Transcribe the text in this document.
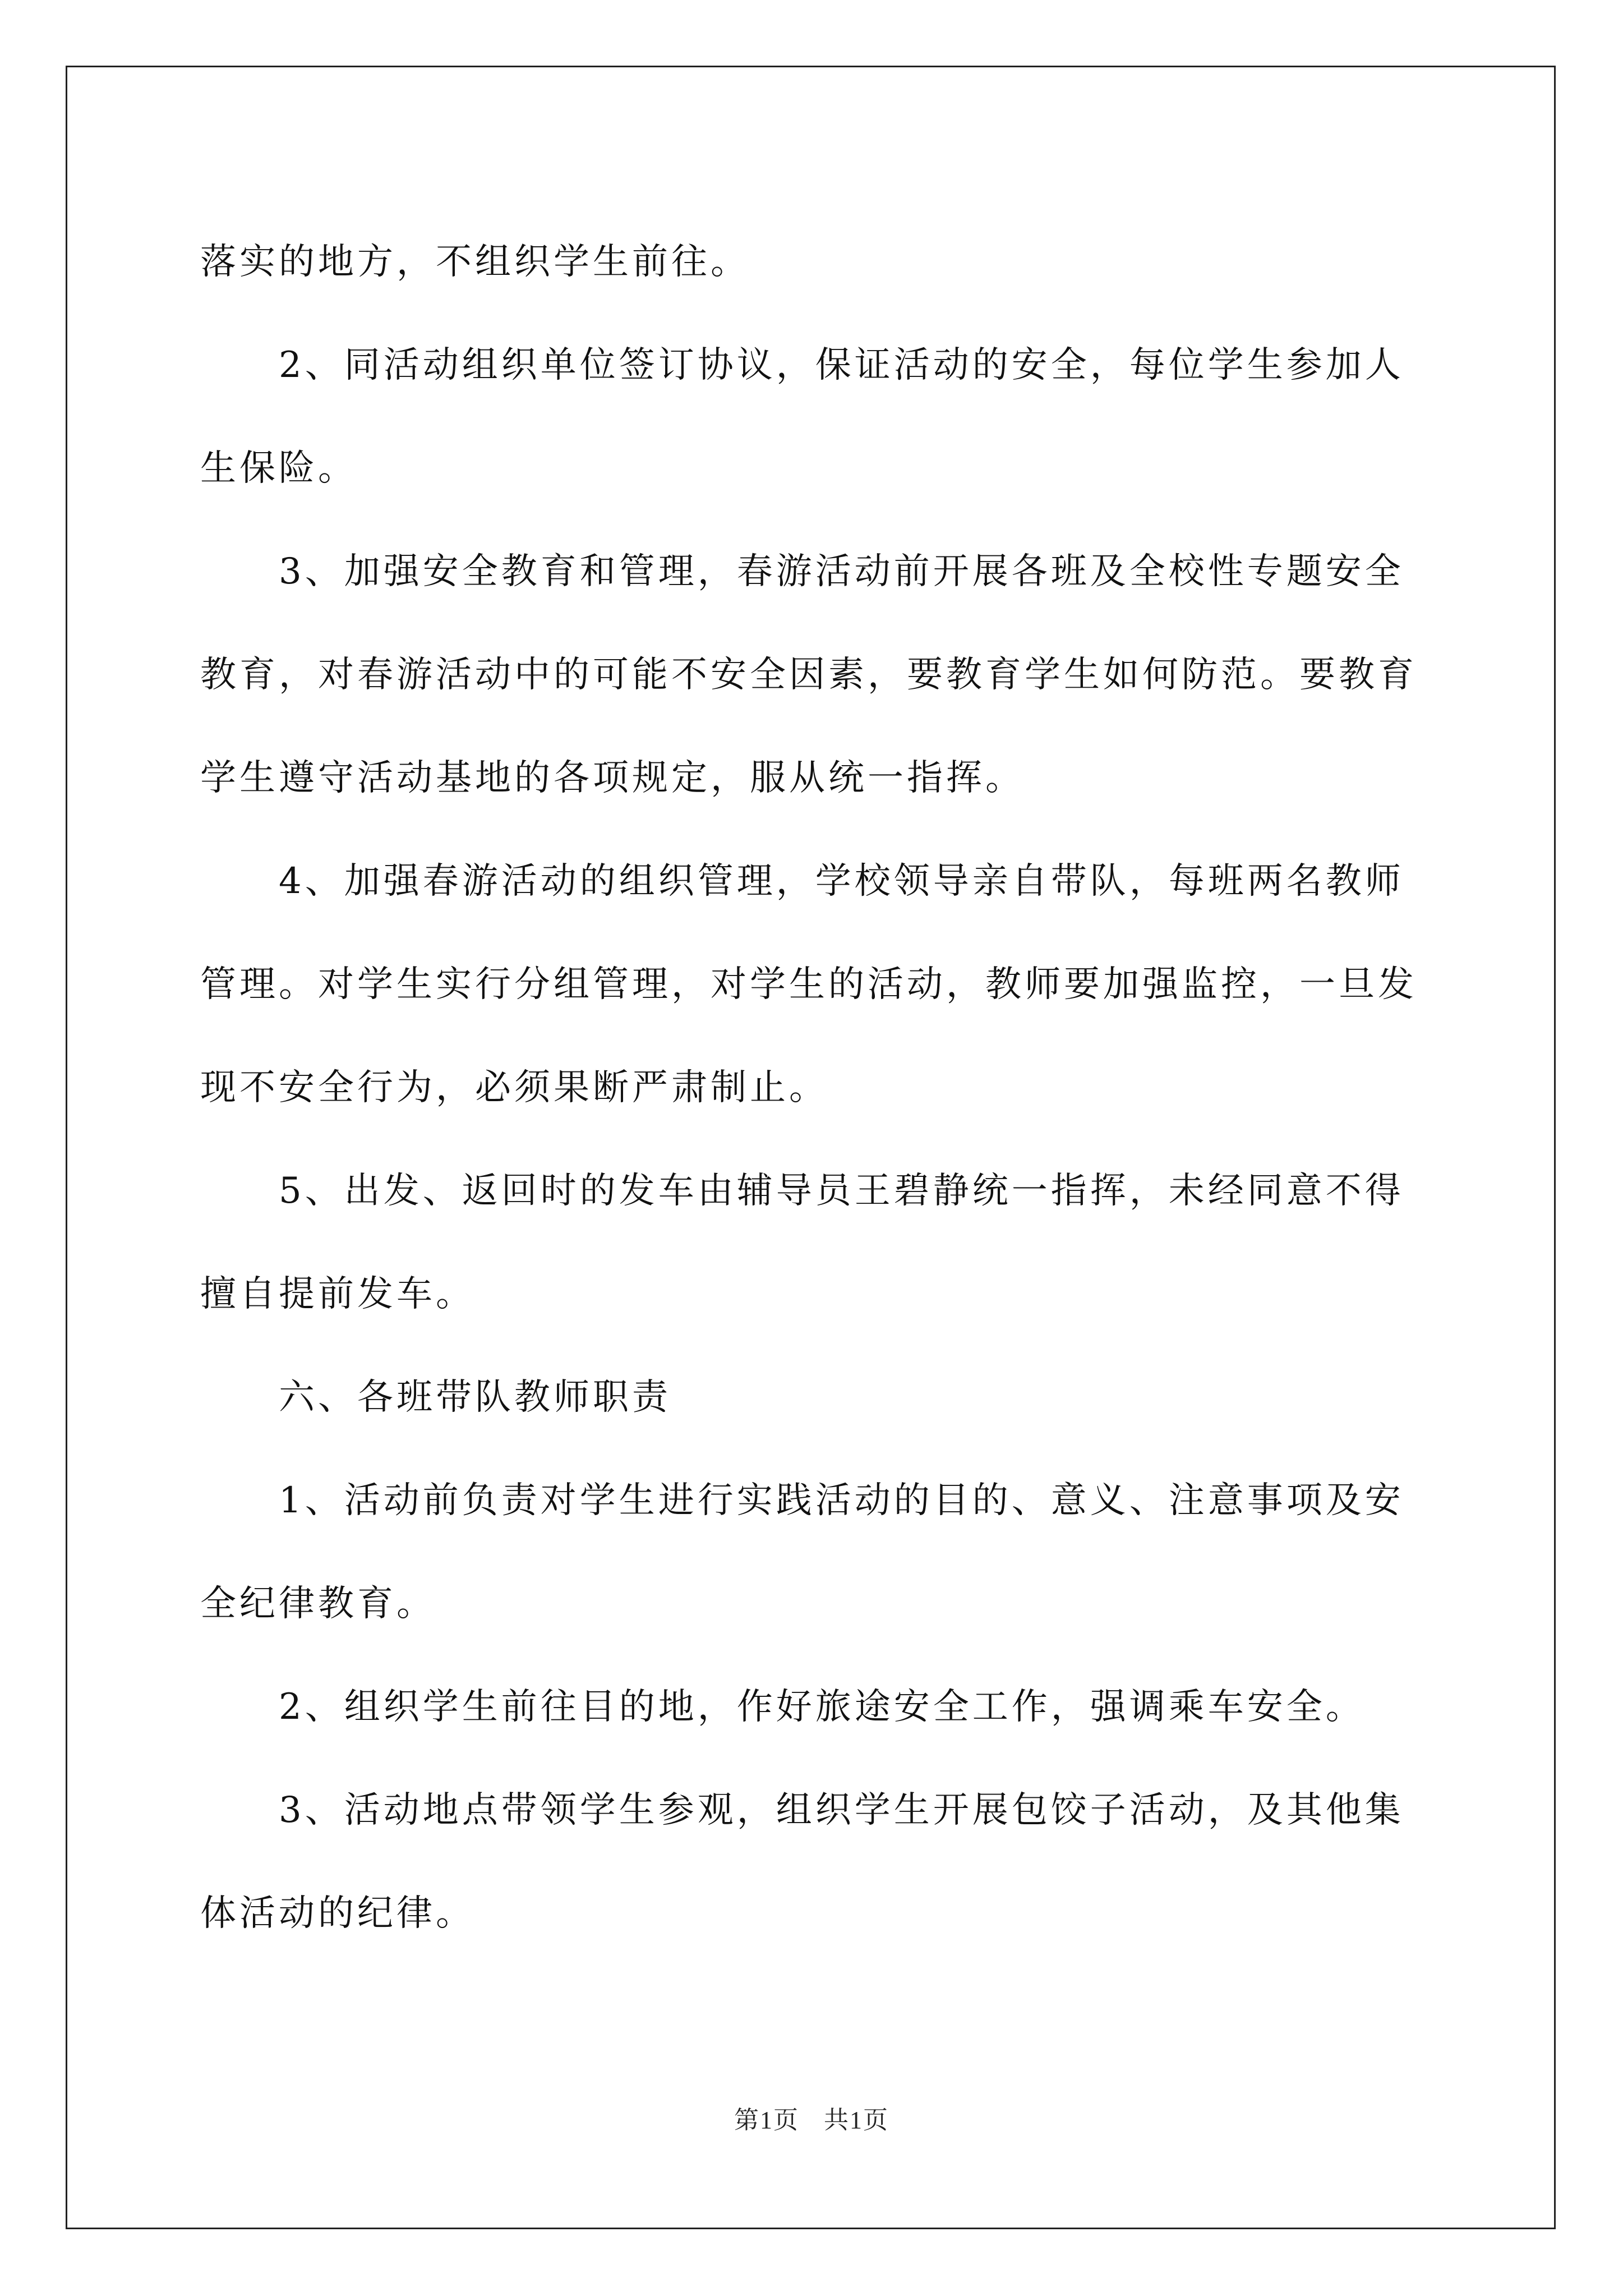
落实的地方，不组织学生前往。

2、同活动组织单位签订协议，保证活动的安全，每位学生参加人生保险。

3、加强安全教育和管理，春游活动前开展各班及全校性专题安全教育，对春游活动中的可能不安全因素，要教育学生如何防范。要教育学生遵守活动基地的各项规定，服从统一指挥。

4、加强春游活动的组织管理，学校领导亲自带队，每班两名教师管理。对学生实行分组管理，对学生的活动，教师要加强监控，一旦发现不安全行为，必须果断严肃制止。

5、出发、返回时的发车由辅导员王碧静统一指挥，未经同意不得擅自提前发车。

六、各班带队教师职责

1、活动前负责对学生进行实践活动的目的、意义、注意事项及安全纪律教育。

2、组织学生前往目的地，作好旅途安全工作，强调乘车安全。

3、活动地点带领学生参观，组织学生开展包饺子活动，及其他集体活动的纪律。

第1页 共1页
